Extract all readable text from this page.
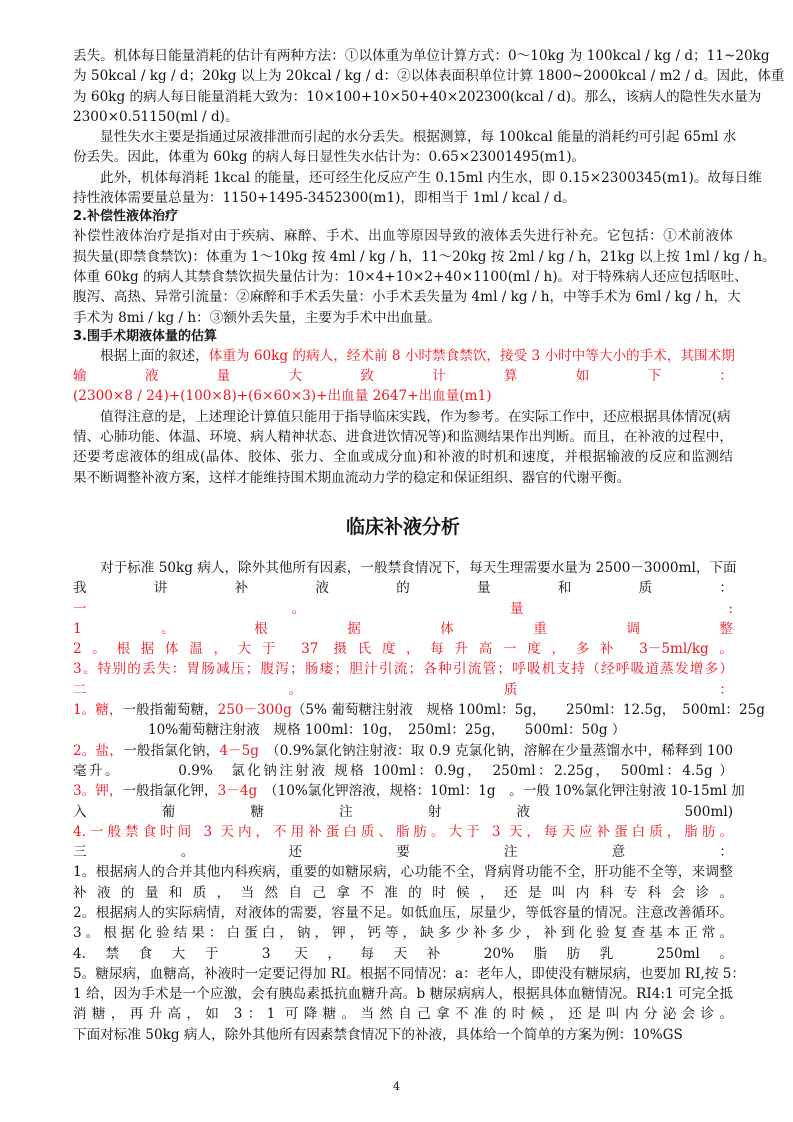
丢失。机体每日能量消耗的估计有两种方法：①以体重为单位计算方式：0～10kg 为 100kcal / kg / d；11~20kg
为 50kcal / kg / d；20kg 以上为 20kcal / kg / d：②以体表面积单位计算 1800~2000kcal / m2 / d。因此，体重
为 60kg 的病人每日能量消耗大致为：10×100+10×50+40×202300(kcal / d)。那么，该病人的隐性失水量为
2300×0.51150(ml / d)。
显性失水主要是指通过尿液排泄而引起的水分丢失。根据测算，每 100kcal 能量的消耗约可引起 65ml 水
份丢失。因此，体重为 60kg 的病人每日显性失水估计为：0.65×23001495(m1)。
此外，机体每消耗 1kcal 的能量，还可经生化反应产生 0.15ml 内生水，即 0.15×2300345(m1)。故每日维
持性液体需要量总量为：1150+1495-3452300(m1)，即相当于 1ml / kcal / d。
2.补偿性液体治疗
补偿性液体治疗是指对由于疾病、麻醉、手术、出血等原因导致的液体丢失进行补充。它包括：①术前液体
损失量(即禁食禁饮)：体重为 1～10kg 按 4ml / kg / h，11～20kg 按 2ml / kg / h，21kg 以上按 1ml / kg / h。
体重 60kg 的病人其禁食禁饮损失量估计为：10×4+10×2+40×1100(ml / h)。对于特殊病人还应包括呕吐、
腹泻、高热、异常引流量：②麻醉和手术丢失量：小手术丢失量为 4ml / kg / h，中等手术为 6ml / kg / h，大
手术为 8mi / kg / h：③额外丢失量，主要为手术中出血量。
3.围手术期液体量的估算
根据上面的叙述，体重为 60kg 的病人，经术前 8 小时禁食禁饮，接受 3 小时中等大小的手术，其围术期
输液量大致计算如下：
(2300×8 / 24)+(100×8)+(6×60×3)+出血量 2647+出血量(m1)
值得注意的是，上述理论计算值只能用于指导临床实践，作为参考。在实际工作中，还应根据具体情况(病
情、心肺功能、体温、环境、病人精神状态、进食进饮情况等)和监测结果作出判断。而且，在补液的过程中，
还要考虑液体的组成(晶体、胶体、张力、全血或成分血)和补液的时机和速度，并根据输液的反应和监测结
果不断调整补液方案，这样才能维持围术期血流动力学的稳定和保证组织、器官的代谢平衡。
临床补液分析
对于标准 50kg 病人，除外其他所有因素，一般禁食情况下，每天生理需要水量为 2500－3000ml，下面
我讲补液的量和质：
一。量:
1。根据体重调整
2。根据体温，大于 37 摄氏度，每升高一度，多补 3－5ml/kg。
3。特别的丢失：胃肠减压；腹泻；肠瘘；胆汁引流；各种引流管；呼吸机支持（经呼吸道蒸发增多）
二。质：
1。糖，一般指葡萄糖，250－300g（5% 葡萄糖注射液　规格 100ml：5g，　　250ml：12.5g，　500ml：25g
10%葡萄糖注射液　规格 100ml：10g，　250ml：25g，　　500ml：50g ）
2。盐，一般指氯化钠，4－5g　（0.9%氯化钠注射液：取 0.9 克氯化钠，溶解在少量蒸馏水中，稀释到 100
毫升。　　　　0.9%　氯化钠注射液 规格 100ml：0.9g，　250ml：2.25g，　500ml：4.5g ）
3。钾，一般指氯化钾，3－4g　（10%氯化钾溶液，规格：10ml：1g　。一般 10%氯化钾注射液 10-15ml 加
入葡糖注射液 500ml)
4.一般禁食时间 3 天内，不用补蛋白质、脂肪。大于 3 天，每天应补蛋白质，脂肪。
三。还要注意：
1。根据病人的合并其他内科疾病，重要的如糖尿病，心功能不全，肾病肾功能不全，肝功能不全等，来调整
补液的量和质，当然自己拿不准的时候，还是叫内科专科会诊。
2。根据病人的实际病情，对液体的需要，容量不足。如低血压，尿量少，等低容量的情况。注意改善循环。
3。根据化验结果：白蛋白，钠，钾，钙等，缺多少补多少，补到化验复查基本正常。
4.禁食大于 3 天，每天补 20%脂肪乳 250ml。
5。糖尿病，血糖高，补液时一定要记得加 RI。根据不同情况：a：老年人，即使没有糖尿病，也要加 RI,按 5：
1 给，因为手术是一个应激，会有胰岛素抵抗血糖升高。b 糖尿病病人，根据具体血糖情况。RI4:1 可完全抵
消糖，再升高，如 3：1 可降糖。当然自己拿不准的时候，还是叫内分泌会诊。
下面对标准 50kg 病人，除外其他所有因素禁食情况下的补液，具体给一个简单的方案为例：10%GS
4
